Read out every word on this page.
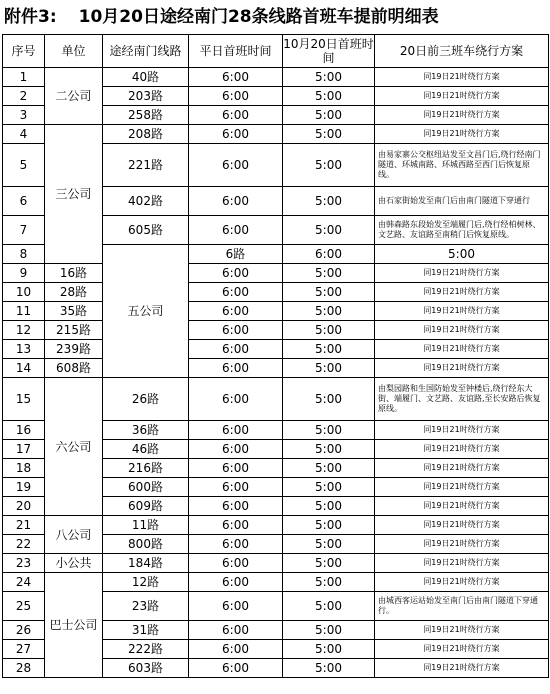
附件3: 10月20日途经南门28条线路首班车提前明细表
序号	单位	途经南门线路	平日首班时间	10月20日首班时间	20日前三班车绕行方案	
1	二公司	40路	6:00	5:00	同19日21时绕行方案	
2		203路	6:00	5:00	同19日21时绕行方案	
3		258路	6:00	5:00	同19日21时绕行方案	
4	三公司	208路	6:00	5:00	同19日21时绕行方案	
5		221路	6:00	5:00	由易家寨公交枢纽站发至文昌门后,绕行经南门隧道、环城南路、环城西路至西门后恢复原线。	
6		402路	6:00	5:00	由石家街始发至南门后由南门隧道下穿通行	
7		605路	6:00	5:00	由韩森路东段始发至端履门后,绕行经柏树林、文艺路、友谊路至南稍门后恢复原线。	
8		五公司	6路	6:00	5:00	
9	16路		6:00	5:00	同19日21时绕行方案	
10	28路		6:00	5:00	同19日21时绕行方案	
11	35路		6:00	5:00	同19日21时绕行方案	
12	215路		6:00	5:00	同19日21时绕行方案	
13	239路		6:00	5:00	同19日21时绕行方案	
14	608路		6:00	5:00	同19日21时绕行方案	
15	六公司	26路	6:00	5:00	由梨园路和生国防始发至钟楼后,绕行经东大街、端履门、文艺路、友谊路,至长安路后恢复原线。	
16		36路	6:00	5:00	同19日21时绕行方案	
17		46路	6:00	5:00	同19日21时绕行方案	
18		216路	6:00	5:00	同19日21时绕行方案	
19		600路	6:00	5:00	同19日21时绕行方案	
20		609路	6:00	5:00	同19日21时绕行方案	
21	八公司	11路	6:00	5:00	同19日21时绕行方案	
22		800路	6:00	5:00	同19日21时绕行方案	
23	小公共	184路	6:00	5:00	同19日21时绕行方案	
24	巴士公司	12路	6:00	5:00	同19日21时绕行方案	
25		23路	6:00	5:00	由城西客运站始发至南门后由南门隧道下穿通行。	
26		31路	6:00	5:00	同19日21时绕行方案	
27		222路	6:00	5:00	同19日21时绕行方案	
28		603路	6:00	5:00	同19日21时绕行方案	
